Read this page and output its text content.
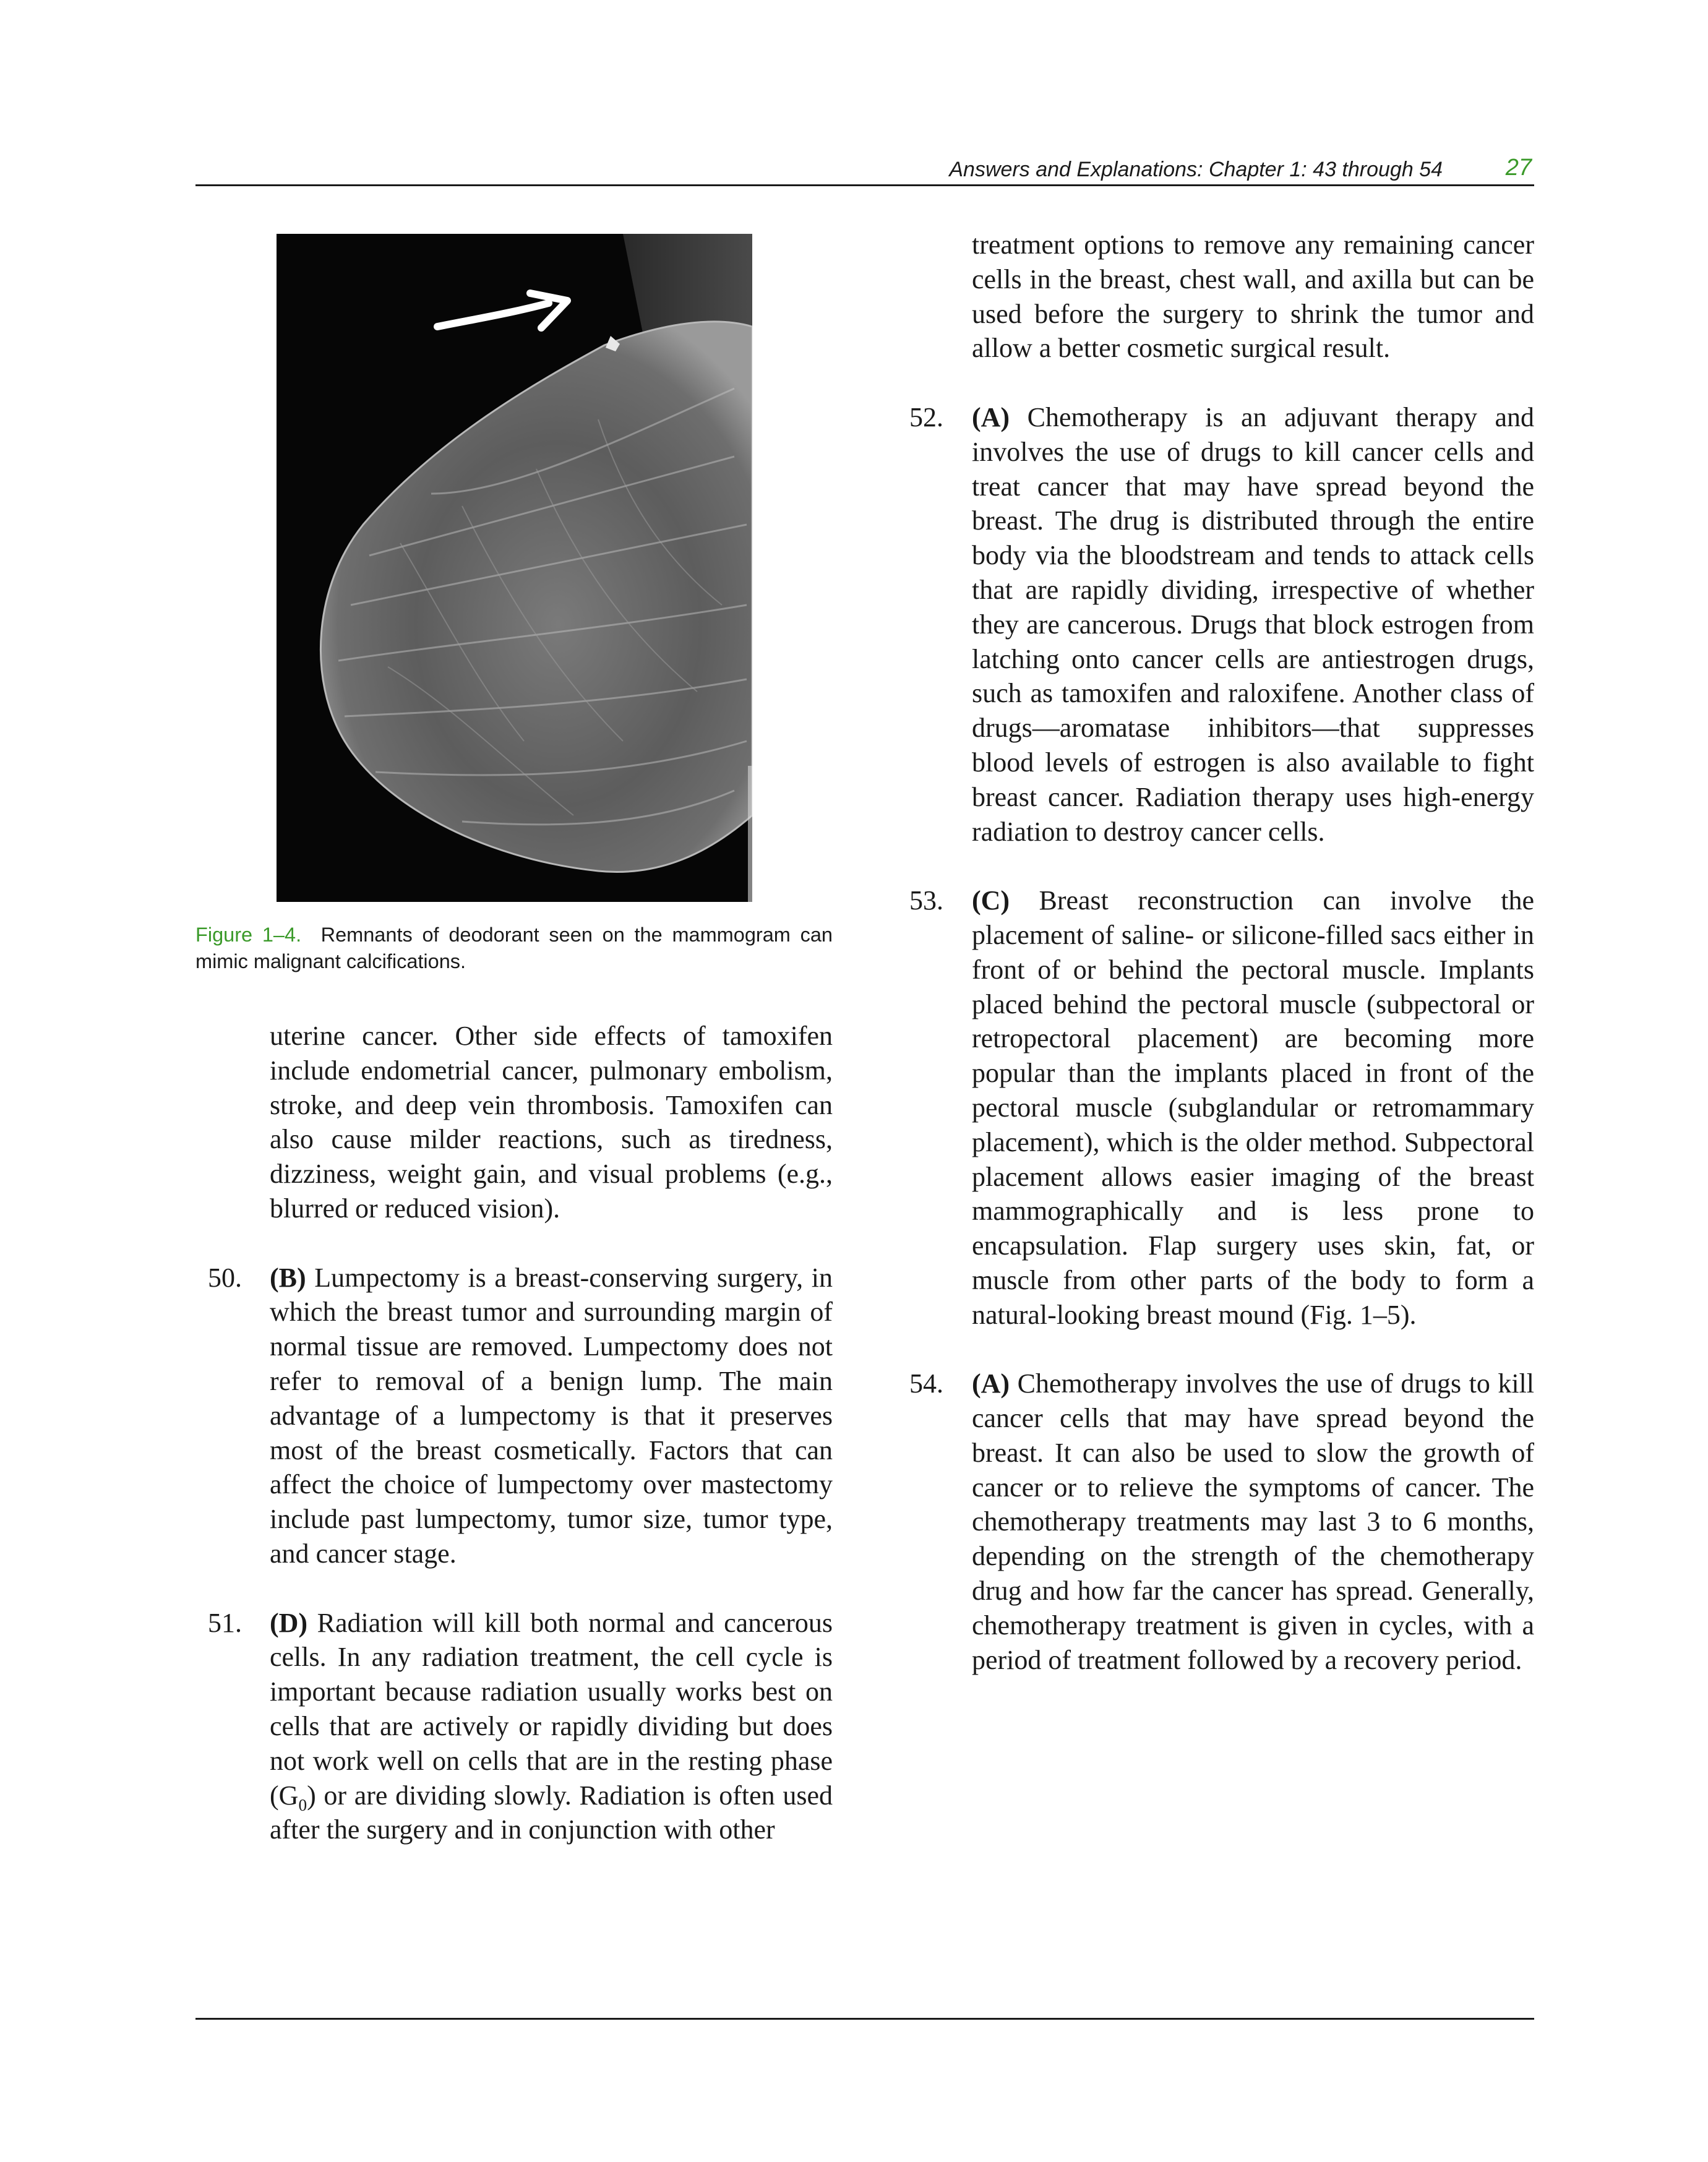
Answers and Explanations: Chapter 1: 43 through 54	27
Figure 1–4. Remnants of deodorant seen on the mammogram can mimic malignant calcifications.
uterine cancer. Other side effects of tamoxifen include endometrial cancer, pulmonary embolism, stroke, and deep vein thrombosis. Tamoxifen can also cause milder reactions, such as tiredness, dizziness, weight gain, and visual problems (e.g., blurred or reduced vision).
50. (B) Lumpectomy is a breast-conserving surgery, in which the breast tumor and surrounding margin of normal tissue are removed. Lumpectomy does not refer to removal of a benign lump. The main advantage of a lumpectomy is that it preserves most of the breast cosmetically. Factors that can affect the choice of lumpectomy over mastectomy include past lumpectomy, tumor size, tumor type, and cancer stage.
51. (D) Radiation will kill both normal and cancerous cells. In any radiation treatment, the cell cycle is important because radiation usually works best on cells that are actively or rapidly dividing but does not work well on cells that are in the resting phase $(G_0)$ or are dividing slowly. Radiation is often used after the surgery and in conjunction with other
treatment options to remove any remaining cancer cells in the breast, chest wall, and axilla but can be used before the surgery to shrink the tumor and allow a better cosmetic surgical result.
52. (A) Chemotherapy is an adjuvant therapy and involves the use of drugs to kill cancer cells and treat cancer that may have spread beyond the breast. The drug is distributed through the entire body via the bloodstream and tends to attack cells that are rapidly dividing, irrespective of whether they are cancerous. Drugs that block estrogen from latching onto cancer cells are antiestrogen drugs, such as tamoxifen and raloxifene. Another class of drugs—aromatase inhibitors—that suppresses blood levels of estrogen is also available to fight breast cancer. Radiation therapy uses high-energy radiation to destroy cancer cells.
53. (C) Breast reconstruction can involve the placement of saline- or silicone-filled sacs either in front of or behind the pectoral muscle. Implants placed behind the pectoral muscle (subpectoral or retropectoral placement) are becoming more popular than the implants placed in front of the pectoral muscle (subglandular or retromammary placement), which is the older method. Subpectoral placement allows easier imaging of the breast mammographically and is less prone to encapsulation. Flap surgery uses skin, fat, or muscle from other parts of the body to form a natural-looking breast mound (Fig. 1–5).
54. (A) Chemotherapy involves the use of drugs to kill cancer cells that may have spread beyond the breast. It can also be used to slow the growth of cancer or to relieve the symptoms of cancer. The chemotherapy treatments may last 3 to 6 months, depending on the strength of the chemotherapy drug and how far the cancer has spread. Generally, chemotherapy treatment is given in cycles, with a period of treatment followed by a recovery period.
